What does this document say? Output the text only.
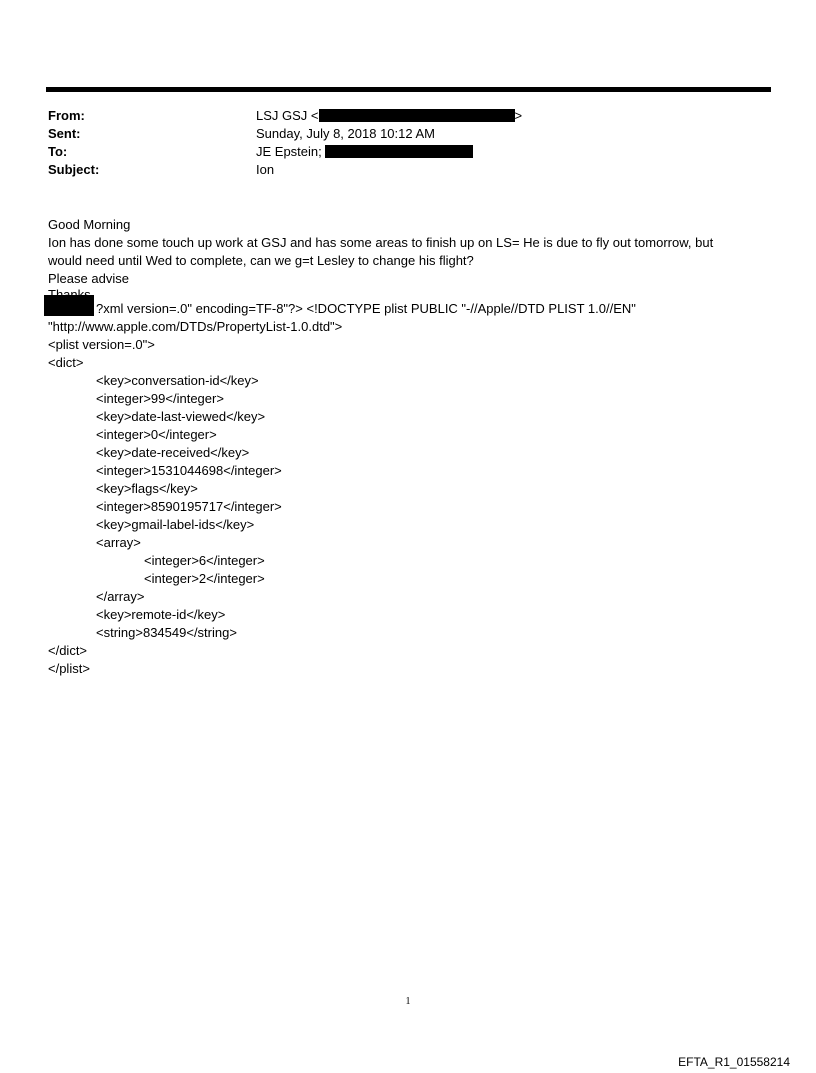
From:
Sent:
To:
Subject:
LSJ GSJ <	>
Sunday, July 8, 2018 10:12 AM
JE Epstein;
Ion

Good Morning

Ion has done some touch up work at GSJ and has some areas to finish up on LS= He is due to fly out tomorrow, but

would need until Wed to complete, can we g=t Lesley to change his flight?

Please advise

?xml version=.0" encoding=TF-8"?> <!DOCTYPE plist PUBLIC "-//Apple//DTD PLIST 1.0//EN"

"http://www.apple.com/DTDs/PropertyList-1.0.dtd">

<plist version=.0">

<dict>

<key>conversation-id</key>

<integer>99</integer>

<key>date-last-viewed</key>

<integer>0</integer>

<key>date-received</key>

<integer>1531044698</integer>

<key>flags</key>

<integer>8590195717</integer>

<key>gmail-label-ids</key>

<array>

<integer>6</integer>

<integer>2</integer>

</array>

<key>remote-id</key>

<string>834549</string>

</dict>

</plist>

1
EFTA_R1_01558214
